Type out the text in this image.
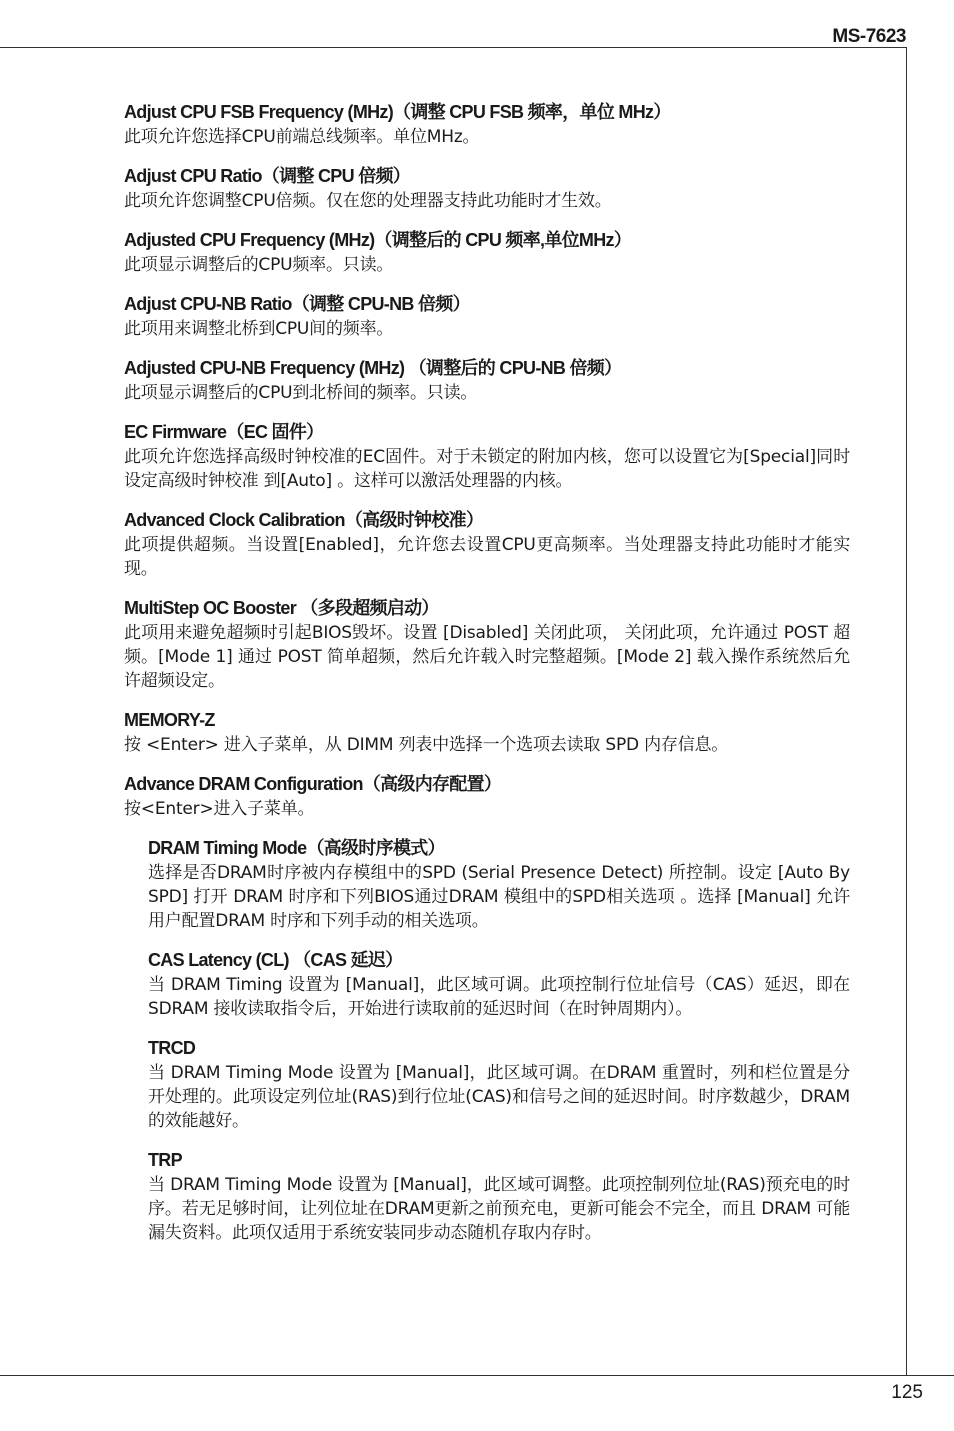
MS-7623
125
Adjust CPU FSB Frequency (MHz)（调整 CPU FSB 频率，单位 MHz）
此项允许您选择CPU前端总线频率。单位MHz。
Adjust CPU Ratio（调整 CPU 倍频）
此项允许您调整CPU倍频。仅在您的处理器支持此功能时才生效。
Adjusted CPU Frequency (MHz)（调整后的 CPU 频率,单位MHz）
此项显示调整后的CPU频率。只读。
Adjust CPU-NB Ratio（调整 CPU-NB 倍频）
此项用来调整北桥到CPU间的频率。
Adjusted CPU-NB Frequency (MHz) （调整后的 CPU-NB 倍频）
此项显示调整后的CPU到北桥间的频率。只读。
EC Firmware（EC 固件）
此项允许您选择高级时钟校准的EC固件。对于未锁定的附加内核，您可以设置它为[Special]同时设定高级时钟校准 到[Auto] 。这样可以激活处理器的内核。
Advanced Clock Calibration（高级时钟校准）
此项提供超频。当设置[Enabled]，允许您去设置CPU更高频率。当处理器支持此功能时才能实现。
MultiStep OC Booster （多段超频启动）
此项用来避免超频时引起BIOS毁坏。设置 [Disabled] 关闭此项， 关闭此项，允许通过 POST 超频。[Mode 1] 通过 POST 简单超频，然后允许载入时完整超频。[Mode 2] 载入操作系统然后允许超频设定。
MEMORY-Z
按 <Enter> 进入子菜单，从 DIMM 列表中选择一个选项去读取 SPD 内存信息。
Advance DRAM Configuration（高级内存配置）
按<Enter>进入子菜单。
DRAM Timing Mode（高级时序模式）
选择是否DRAM时序被内存模组中的SPD (Serial Presence Detect) 所控制。设定 [Auto By SPD] 打开 DRAM 时序和下列BIOS通过DRAM 模组中的SPD相关选项 。选择 [Manual] 允许用户配置DRAM 时序和下列手动的相关选项。
CAS Latency (CL) （CAS 延迟）
当 DRAM Timing 设置为 [Manual]，此区域可调。此项控制行位址信号（CAS）延迟，即在 SDRAM 接收读取指令后，开始进行读取前的延迟时间（在时钟周期内）。
TRCD
当 DRAM Timing Mode 设置为 [Manual]，此区域可调。在DRAM 重置时，列和栏位置是分开处理的。此项设定列位址(RAS)到行位址(CAS)和信号之间的延迟时间。时序数越少，DRAM 的效能越好。
TRP
当 DRAM Timing Mode 设置为 [Manual]，此区域可调整。此项控制列位址(RAS)预充电的时序。若无足够时间，让列位址在DRAM更新之前预充电，更新可能会不完全，而且 DRAM 可能漏失资料。此项仅适用于系统安装同步动态随机存取内存时。
